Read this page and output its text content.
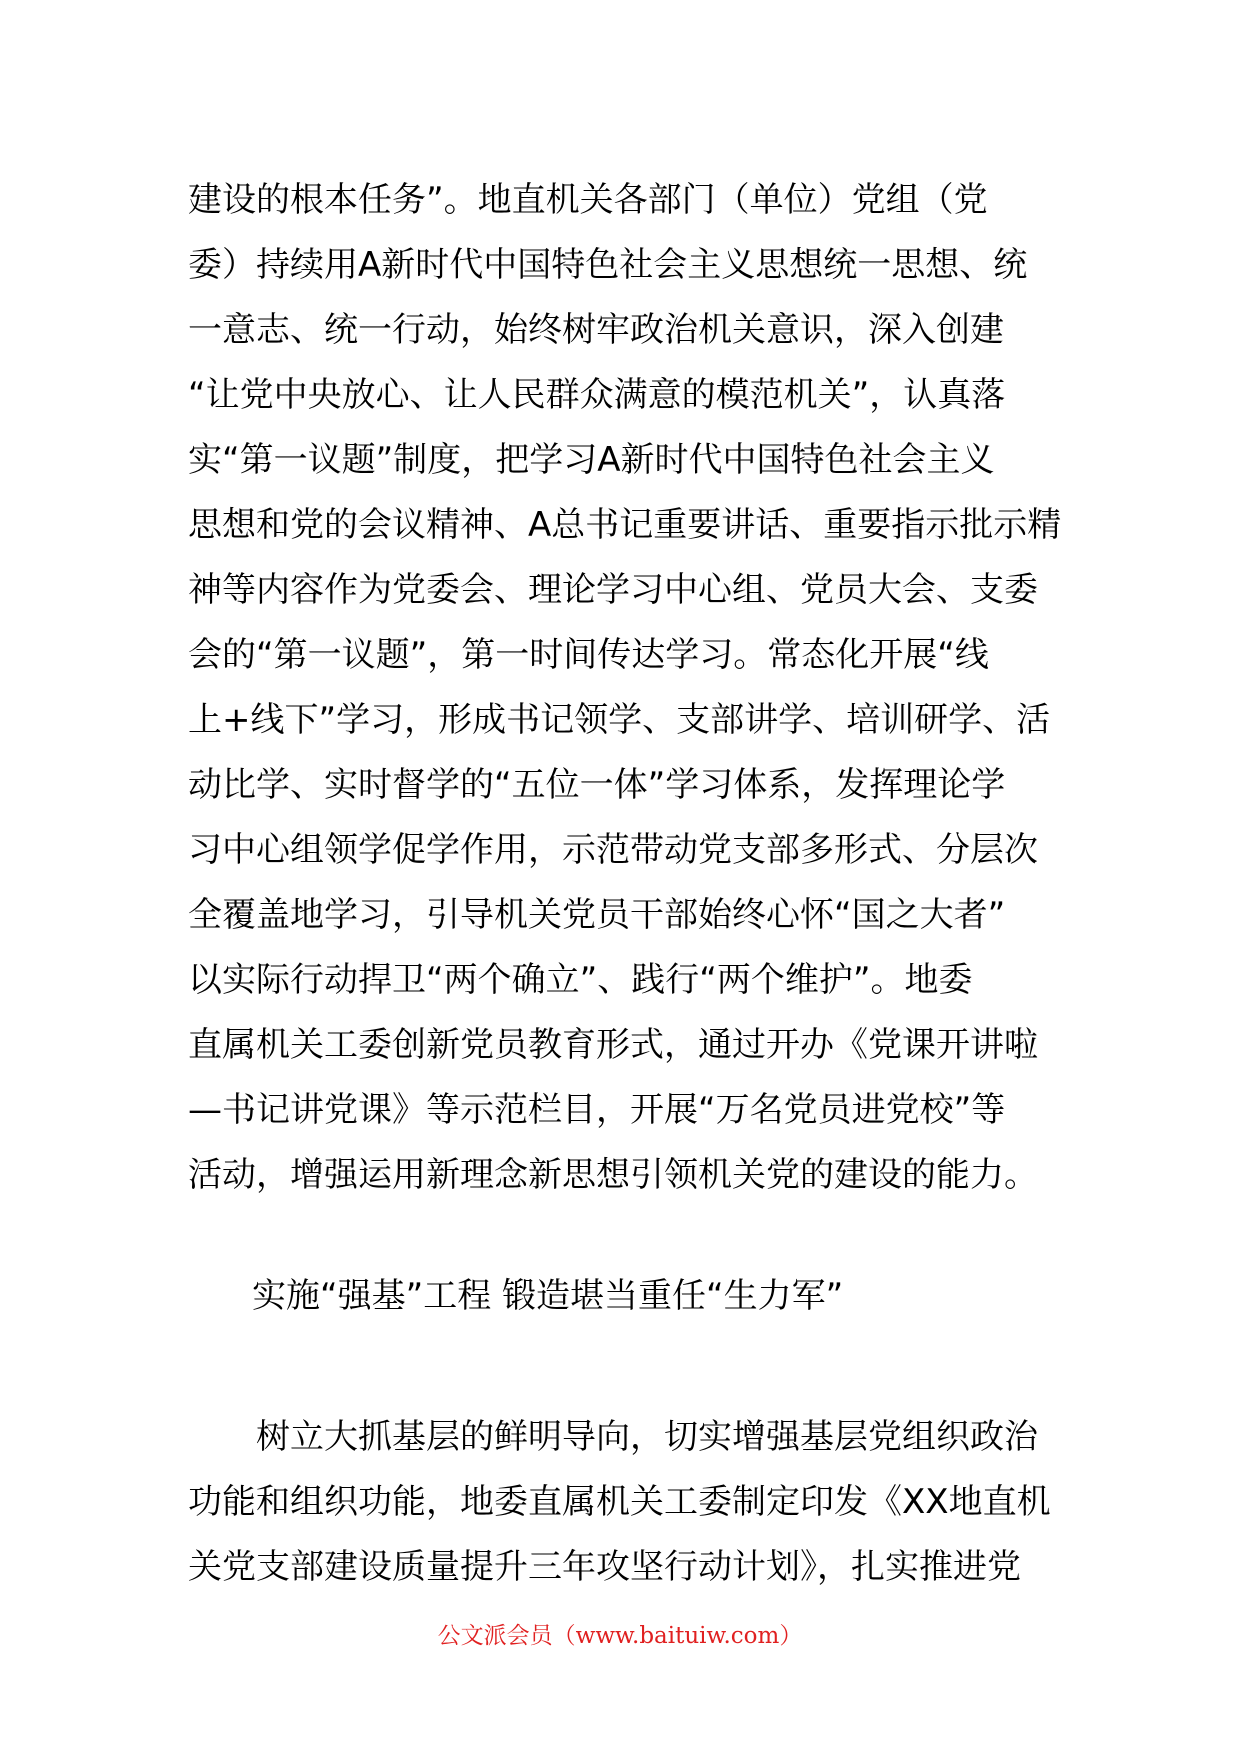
建设的根本任务”。地直机关各部门（单位）党组（党
委）持续用A新时代中国特色社会主义思想统一思想、统
一意志、统一行动，始终树牢政治机关意识，深入创建
“让党中央放心、让人民群众满意的模范机关”，认真落
实“第一议题”制度，把学习A新时代中国特色社会主义
思想和党的会议精神、A总书记重要讲话、重要指示批示精
神等内容作为党委会、理论学习中心组、党员大会、支委
会的“第一议题”，第一时间传达学习。常态化开展“线
上+线下”学习，形成书记领学、支部讲学、培训研学、活
动比学、实时督学的“五位一体”学习体系，发挥理论学
习中心组领学促学作用，示范带动党支部多形式、分层次
全覆盖地学习，引导机关党员干部始终心怀“国之大者”
以实际行动捍卫“两个确立”、践行“两个维护”。地委
直属机关工委创新党员教育形式，通过开办《党课开讲啦
—书记讲党课》等示范栏目，开展“万名党员进党校”等
活动，增强运用新理念新思想引领机关党的建设的能力。
实施“强基”工程 锻造堪当重任“生力军”
树立大抓基层的鲜明导向，切实增强基层党组织政治
功能和组织功能，地委直属机关工委制定印发《XX地直机
关党支部建设质量提升三年攻坚行动计划》，扎实推进党
公文派会员（www.baituiw.com）
